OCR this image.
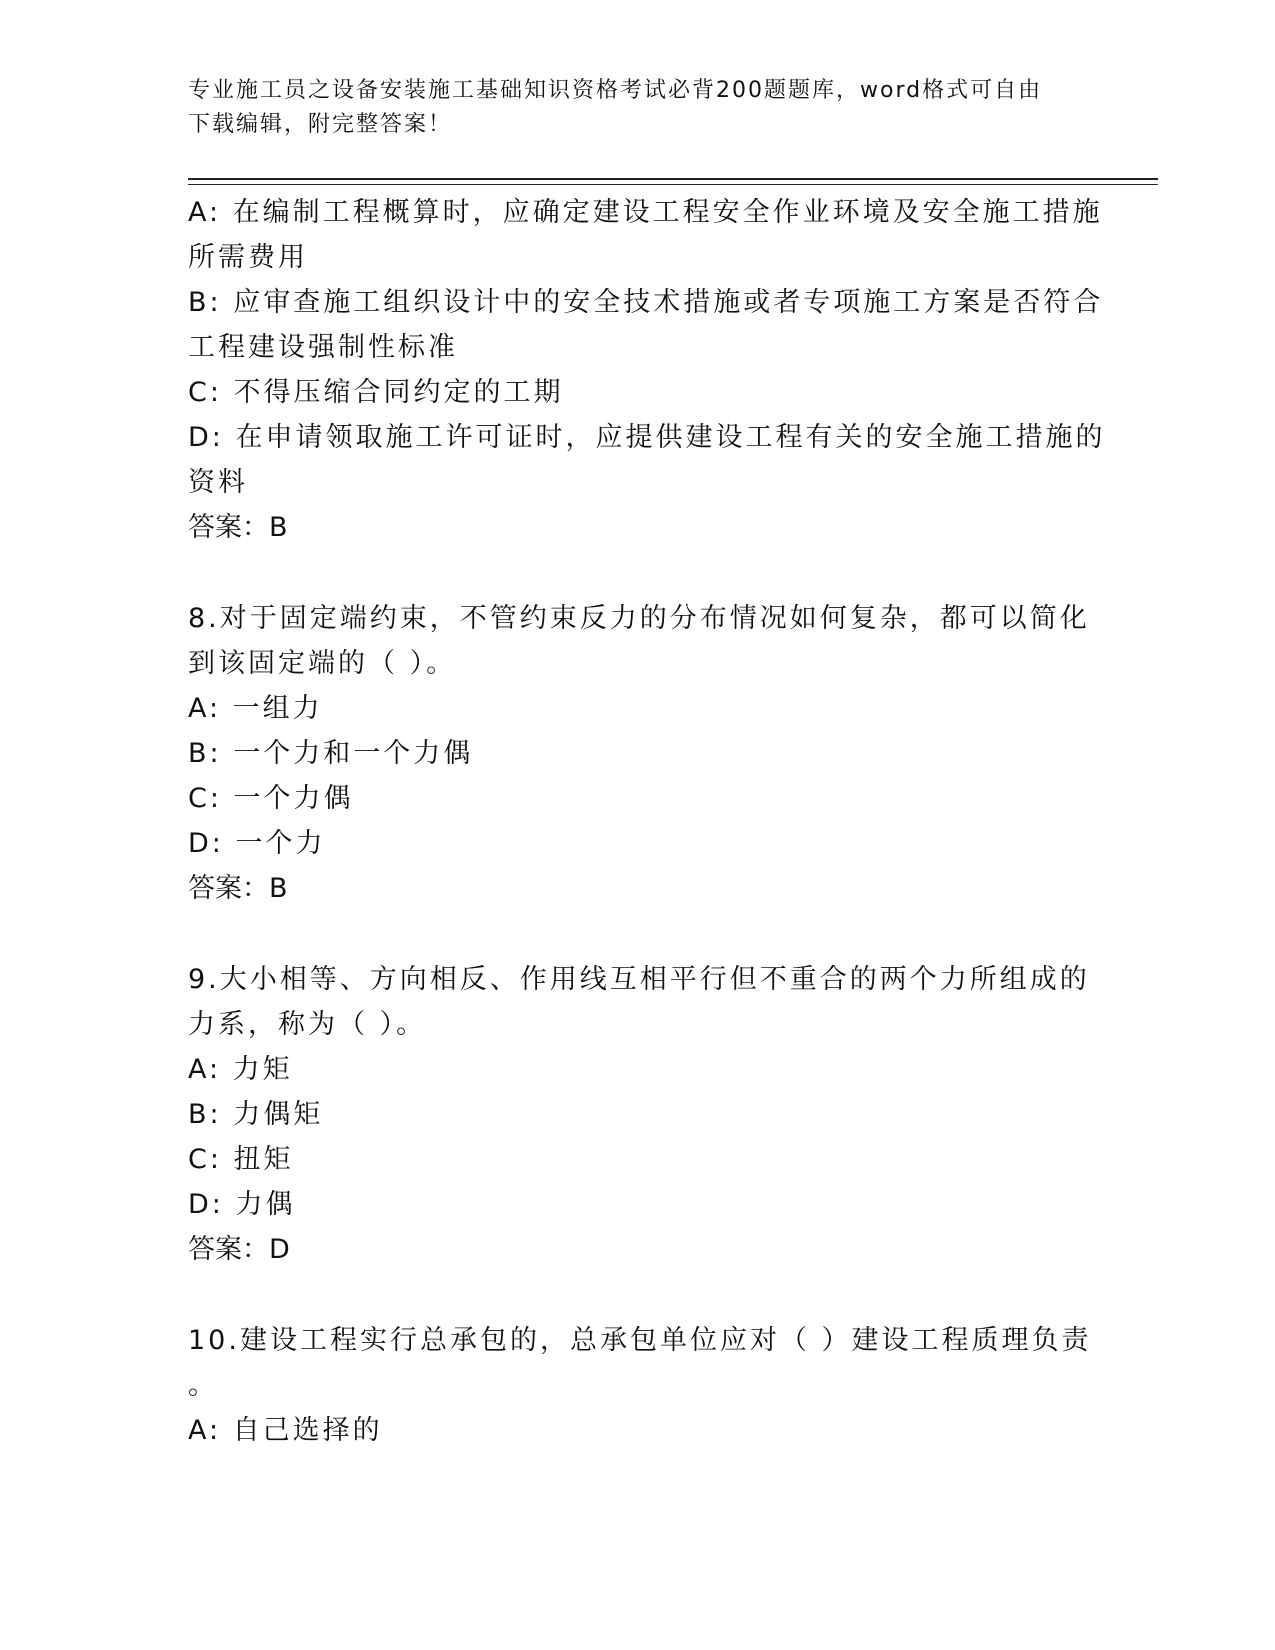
专业施工员之设备安装施工基础知识资格考试必背200题题库，word格式可自由
下载编辑，附完整答案！
A: 在编制工程概算时，应确定建设工程安全作业环境及安全施工措施
所需费用
B: 应审查施工组织设计中的安全技术措施或者专项施工方案是否符合
工程建设强制性标准
C: 不得压缩合同约定的工期
D: 在申请领取施工许可证时，应提供建设工程有关的安全施工措施的
资料
答案：B
8.对于固定端约束，不管约束反力的分布情况如何复杂，都可以简化
到该固定端的（ ）。
A: 一组力
B: 一个力和一个力偶
C: 一个力偶
D: 一个力
答案：B
9.大小相等、方向相反、作用线互相平行但不重合的两个力所组成的
力系，称为（ ）。
A: 力矩
B: 力偶矩
C: 扭矩
D: 力偶
答案：D
10.建设工程实行总承包的，总承包单位应对（ ）建设工程质理负责
。
A: 自己选择的
